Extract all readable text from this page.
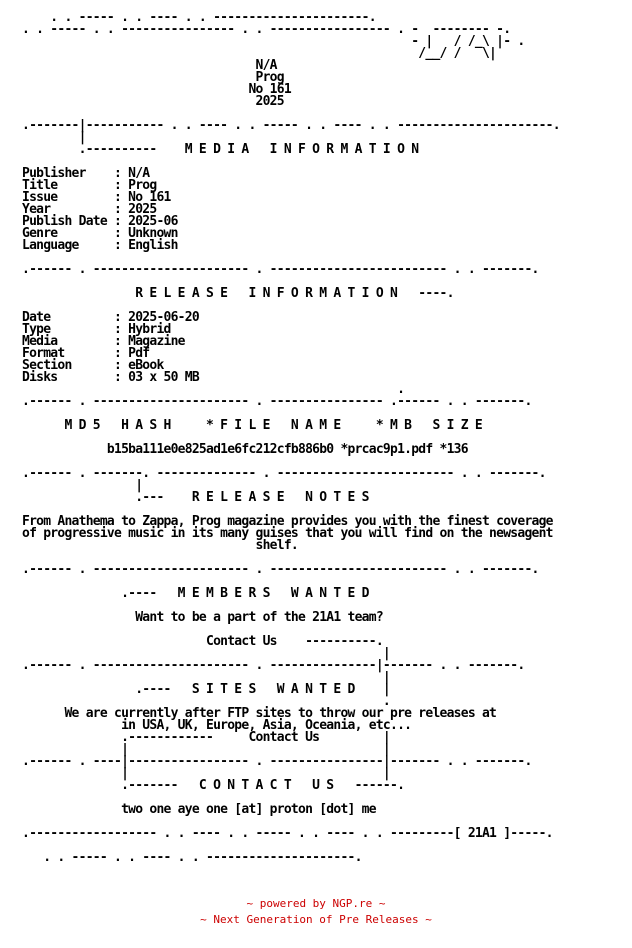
. . ----- . . ---- . . ----------------------.
. . ----- . . ---------------- . . ----------------- . -  -------- -.
- |   / /_\ |- .
/__/ /   \|
N/A
Prog
No 161
2025

.-------|----------- . . ---- . . ----- . . ---- . . ----------------------.
|
.----------    M E D I A   I N F O R M A T I O N

Publisher    : N/A
Title        : Prog
Issue        : No 161
Year         : 2025
Publish Date : 2025-06
Genre        : Unknown
Language     : English

.------ . ---------------------- . ------------------------- . . -------.

R E L E A S E   I N F O R M A T I O N   ----.

Date         : 2025-06-20
Type         : Hybrid
Media        : Magazine
Format       : Pdf
Section      : eBook
Disks        : 03 x 50 MB
.
.------ . ---------------------- . ---------------- .------ . . -------.

M D 5   H A S H     * F I L E   N A M E     * M B   S I Z E

b15ba111e0e825ad1e6fc212cfb886b0 *prcac9p1.pdf *136

.------ . -------. -------------- . ------------------------- . . -------.
|
.---    R E L E A S E   N O T E S

From Anathema to Zappa, Prog magazine provides you with the finest coverage
of progressive music in its many guises that you will find on the newsagent
shelf.

.------ . ---------------------- . ------------------------- . . -------.

.----   M E M B E R S   W A N T E D

Want to be a part of the 21A1 team?

Contact Us    ----------.
|
.------ . ---------------------- . ---------------|------- . . -------.
|
.----   S I T E S   W A N T E D    |
.
We are currently after FTP sites to throw our pre releases at
in USA, UK, Europe, Asia, Oceania, etc...
.------------     Contact Us         |
|                                    |
.------ . ----|----------------- . ----------------|------- . . -------.
|                                    |
.-------   C O N T A C T   U S   ------.

two one aye one [at] proton [dot] me

.------------------ . . ---- . . ----- . . ---- . . ---------[ 21A1 ]-----.

. . ----- . . ---- . . ---------------------.

~ powered by NGP.re ~
~ Next Generation of Pre Releases ~
